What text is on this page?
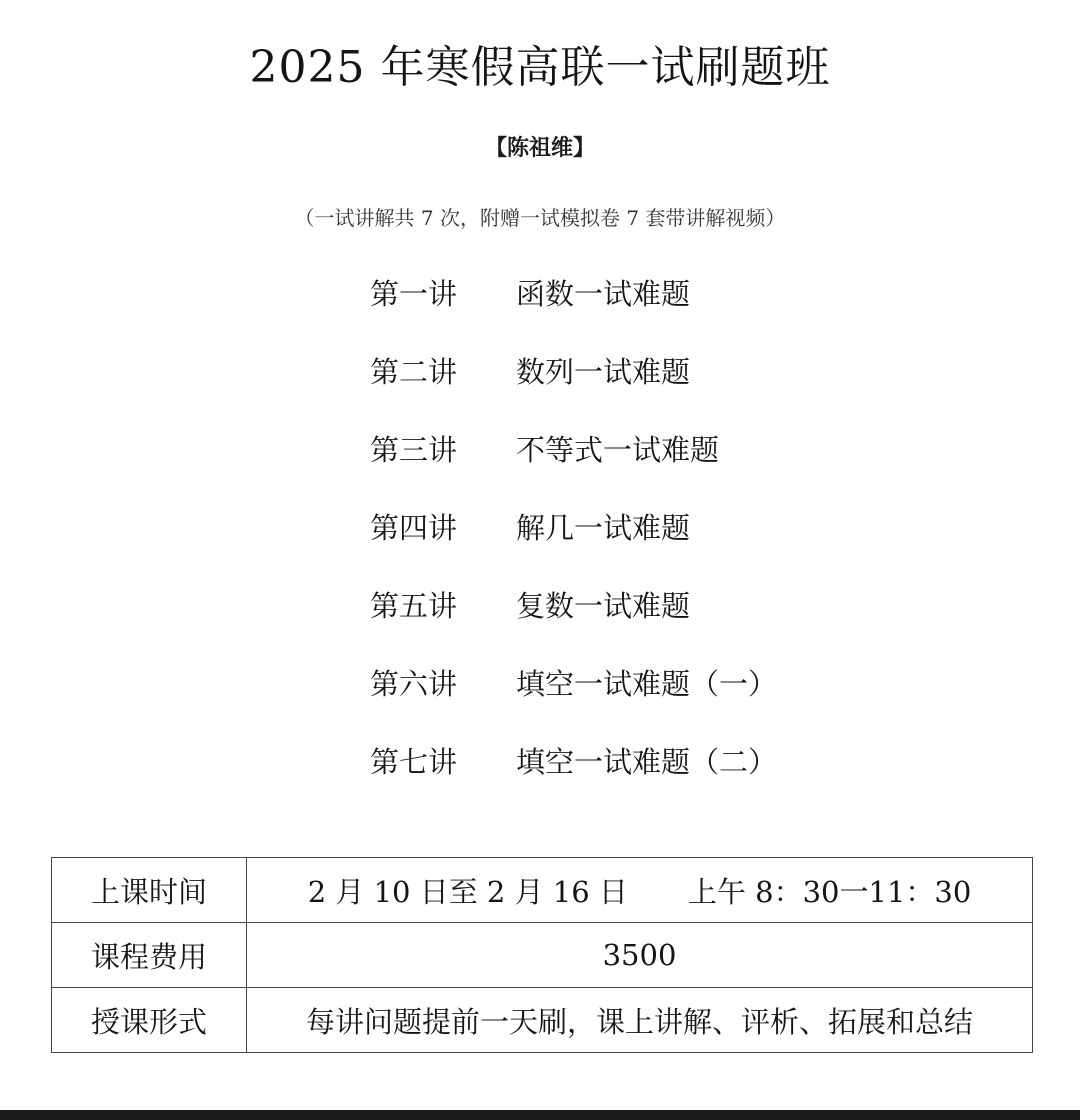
2025 年寒假高联一试刷题班
【陈祖维】
（一试讲解共 7 次，附赠一试模拟卷 7 套带讲解视频）
第一讲	函数一试难题
第二讲	数列一试难题
第三讲	不等式一试难题
第四讲	解几一试难题
第五讲	复数一试难题
第六讲	填空一试难题（一）
第七讲	填空一试难题（二）
上课时间	2 月 10 日至 2 月 16 日 上午 8：30一11：30
课程费用	3500
授课形式	每讲问题提前一天刷，课上讲解、评析、拓展和总结
